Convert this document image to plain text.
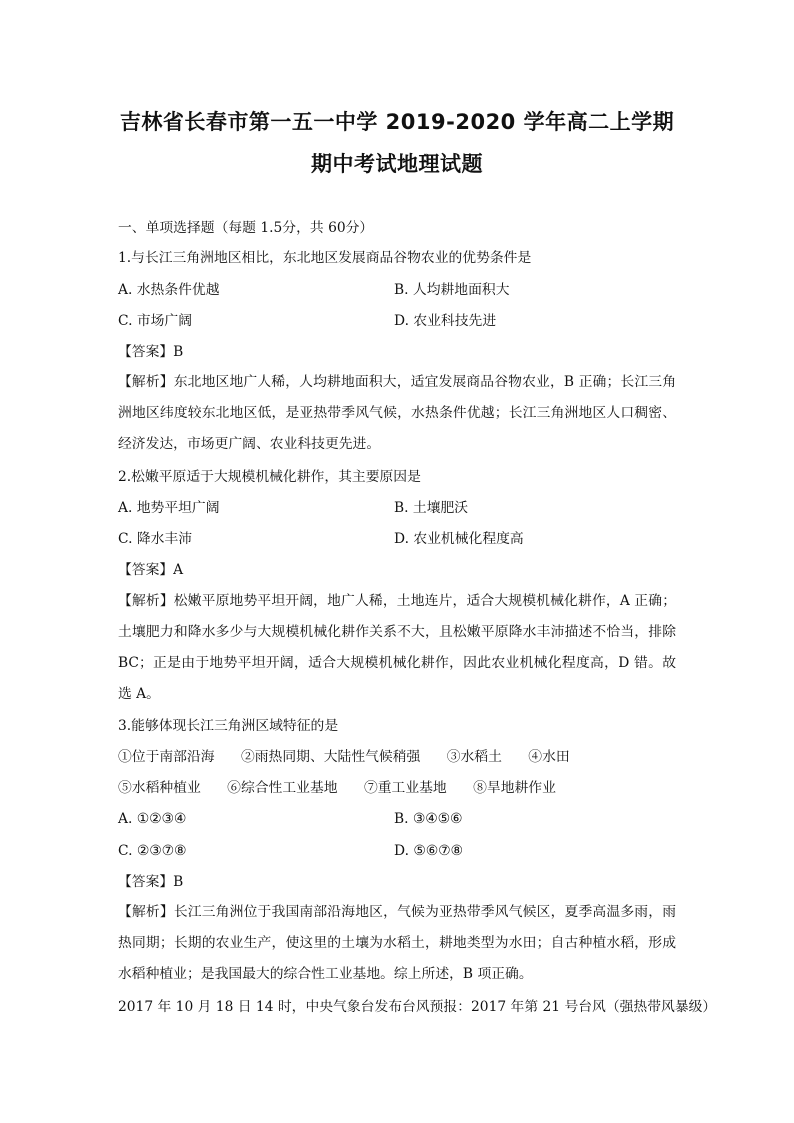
吉林省长春市第一五一中学 2019-2020 学年高二上学期
期中考试地理试题
一、单项选择题（每题 1.5分，共 60分）
1.与长江三角洲地区相比，东北地区发展商品谷物农业的优势条件是
A. 水热条件优越	B. 人均耕地面积大
C. 市场广阔	D. 农业科技先进
【答案】B

【解析】东北地区地广人稀，人均耕地面积大，适宜发展商品谷物农业，B 正确；长江三角洲地区纬度较东北地区低，是亚热带季风气候，水热条件优越；长江三角洲地区人口稠密、经济发达，市场更广阔、农业科技更先进。

2.松嫩平原适于大规模机械化耕作，其主要原因是
A. 地势平坦广阔	B. 土壤肥沃
C. 降水丰沛	D. 农业机械化程度高
【答案】A

【解析】松嫩平原地势平坦开阔，地广人稀，土地连片，适合大规模机械化耕作，A 正确；土壤肥力和降水多少与大规模机械化耕作关系不大，且松嫩平原降水丰沛描述不恰当，排除 BC；正是由于地势平坦开阔，适合大规模机械化耕作，因此农业机械化程度高，D 错。故选 A。

3.能够体现长江三角洲区域特征的是
①位于南部沿海 ②雨热同期、大陆性气候稍强 ③水稻土 ④水田
⑤水稻种植业 ⑥综合性工业基地 ⑦重工业基地 ⑧旱地耕作业
A. ①②③④	B. ③④⑤⑥
C. ②③⑦⑧	D. ⑤⑥⑦⑧
【答案】B

【解析】长江三角洲位于我国南部沿海地区，气候为亚热带季风气候区，夏季高温多雨，雨热同期；长期的农业生产，使这里的土壤为水稻土，耕地类型为水田；自古种植水稻，形成水稻种植业；是我国最大的综合性工业基地。综上所述，B 项正确。

2017 年 10 月 18 日 14 时，中央气象台发布台风预报：2017 年第 21 号台风（强热带风暴级）
